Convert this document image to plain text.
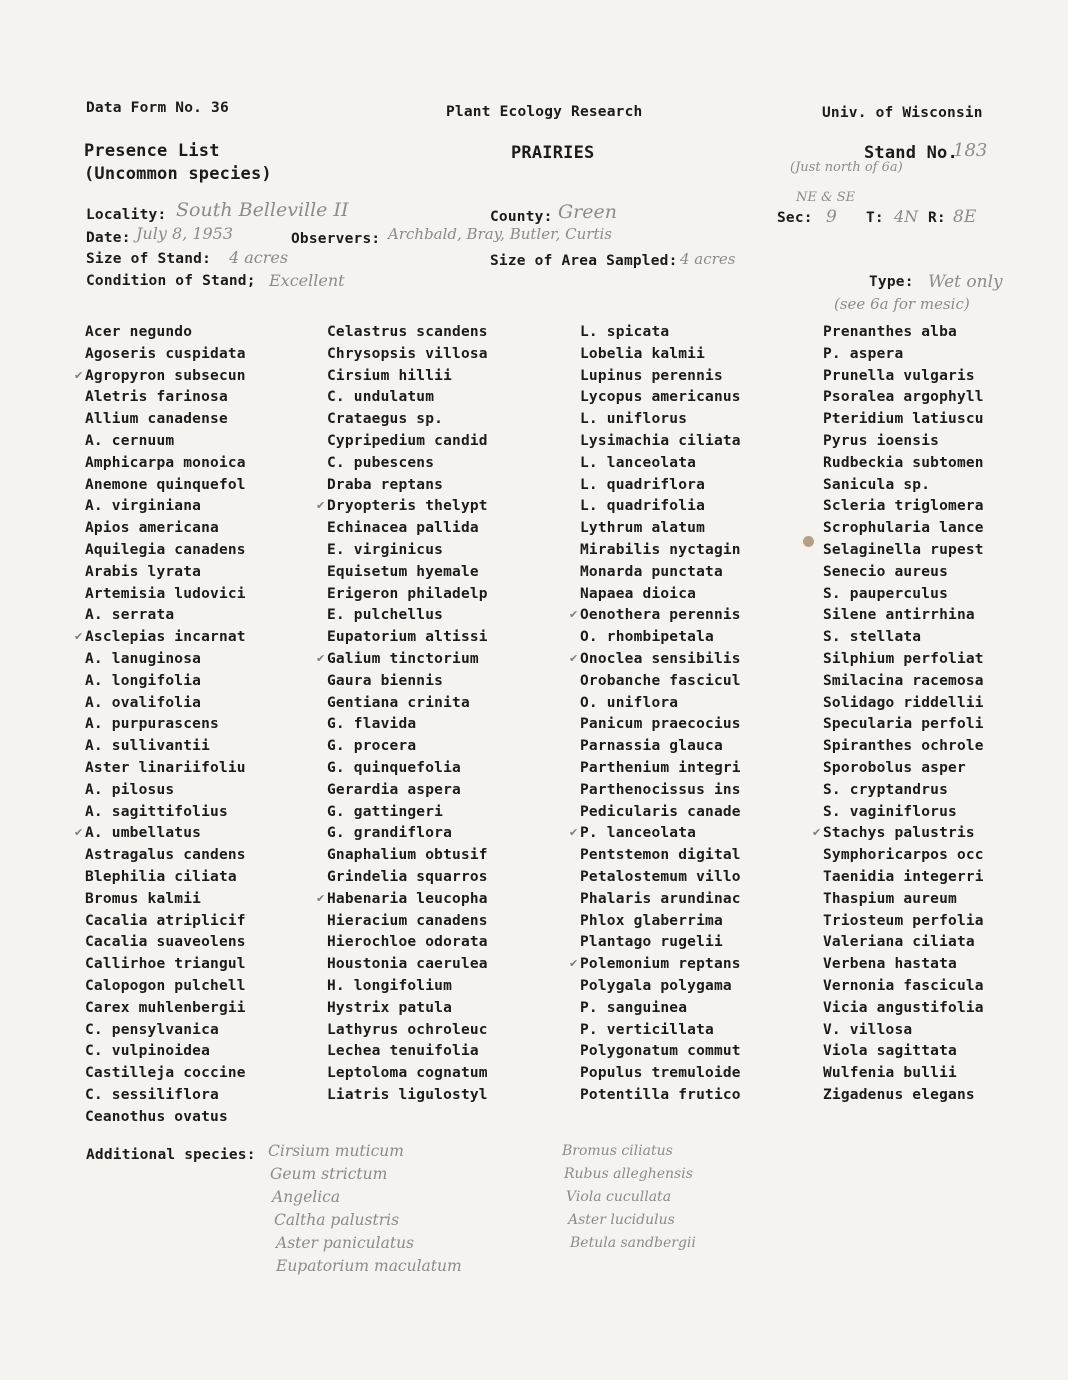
Data Form No. 36	Plant Ecology Research	Univ. of Wisconsin
Presence List
(Uncommon species)
PRAIRIES	Stand No.
183
(Just north of 6a)
NE & SE
Locality: South Belleville II	County: Green	Sec: 9 T: 4N R: 8E
Date: July 8, 1953	Observers: Archbald, Bray, Butler, Curtis
Size of Stand: 4 acres	Size of Area Sampled: 4 acres
Condition of Stand; Excellent	Type: Wet only
(see 6a for mesic)
Acer negundo
Agoseris cuspidata
✔ Agropyron subsecun
Aletris farinosa
Allium canadense
A. cernuum
Amphicarpa monoica
Anemone quinquefol
A. virginiana
Apios americana
Aquilegia canadens
Arabis lyrata
Artemisia ludovici
A. serrata
✔ Asclepias incarnat
A. lanuginosa
A. longifolia
A. ovalifolia
A. purpurascens
A. sullivantii
Aster linariifoliu
A. pilosus
A. sagittifolius
✔ A. umbellatus
Astragalus candens
Blephilia ciliata
Bromus kalmii
Cacalia atriplicif
Cacalia suaveolens
Callirhoe triangul
Calopogon pulchell
Carex muhlenbergii
C. pensylvanica
C. vulpinoidea
Castilleja coccine
C. sessiliflora
Ceanothus ovatus
Celastrus scandens
Chrysopsis villosa
Cirsium hillii
C. undulatum
Crataegus sp.
Cypripedium candid
C. pubescens
Draba reptans
✔ Dryopteris thelypt
Echinacea pallida
E. virginicus
Equisetum hyemale
Erigeron philadelp
E. pulchellus
Eupatorium altissi
✔ Galium tinctorium
Gaura biennis
Gentiana crinita
G. flavida
G. procera
G. quinquefolia
Gerardia aspera
G. gattingeri
G. grandiflora
Gnaphalium obtusif
Grindelia squarros
✔ Habenaria leucopha
Hieracium canadens
Hierochloe odorata
Houstonia caerulea
H. longifolium
Hystrix patula
Lathyrus ochroleuc
Lechea tenuifolia
Leptoloma cognatum
Liatris ligulostyl
L. spicata
Lobelia kalmii
Lupinus perennis
Lycopus americanus
L. uniflorus
Lysimachia ciliata
L. lanceolata
L. quadriflora
L. quadrifolia
Lythrum alatum
Mirabilis nyctagin
Monarda punctata
Napaea dioica
✔ Oenothera perennis
O. rhombipetala
✔ Onoclea sensibilis
Orobanche fascicul
O. uniflora
Panicum praecocius
Parnassia glauca
Parthenium integri
Parthenocissus ins
Pedicularis canade
✔ P. lanceolata
Pentstemon digital
Petalostemum villo
Phalaris arundinac
Phlox glaberrima
Plantago rugelii
✔ Polemonium reptans
Polygala polygama
P. sanguinea
P. verticillata
Polygonatum commut
Populus tremuloide
Potentilla frutico
Prenanthes alba
P. aspera
Prunella vulgaris
Psoralea argophyll
Pteridium latiuscu
Pyrus ioensis
Rudbeckia subtomen
Sanicula sp.
Scleria triglomera
Scrophularia lance
Selaginella rupest
Senecio aureus
S. pauperculus
Silene antirrhina
S. stellata
Silphium perfoliat
Smilacina racemosa
Solidago riddellii
Specularia perfoli
Spiranthes ochrole
Sporobolus asper
S. cryptandrus
S. vaginiflorus
✔ Stachys palustris
Symphoricarpos occ
Taenidia integerri
Thaspium aureum
Triosteum perfolia
Valeriana ciliata
Verbena hastata
Vernonia fascicula
Vicia angustifolia
V. villosa
Viola sagittata
Wulfenia bullii
Zigadenus elegans
Additional species: Cirsium muticum
Geum strictum
Angelica
Caltha palustris
Aster paniculatus
Eupatorium maculatum
Bromus ciliatus
Rubus alleghensis
Viola cucullata
Aster lucidulus
Betula sandbergii
